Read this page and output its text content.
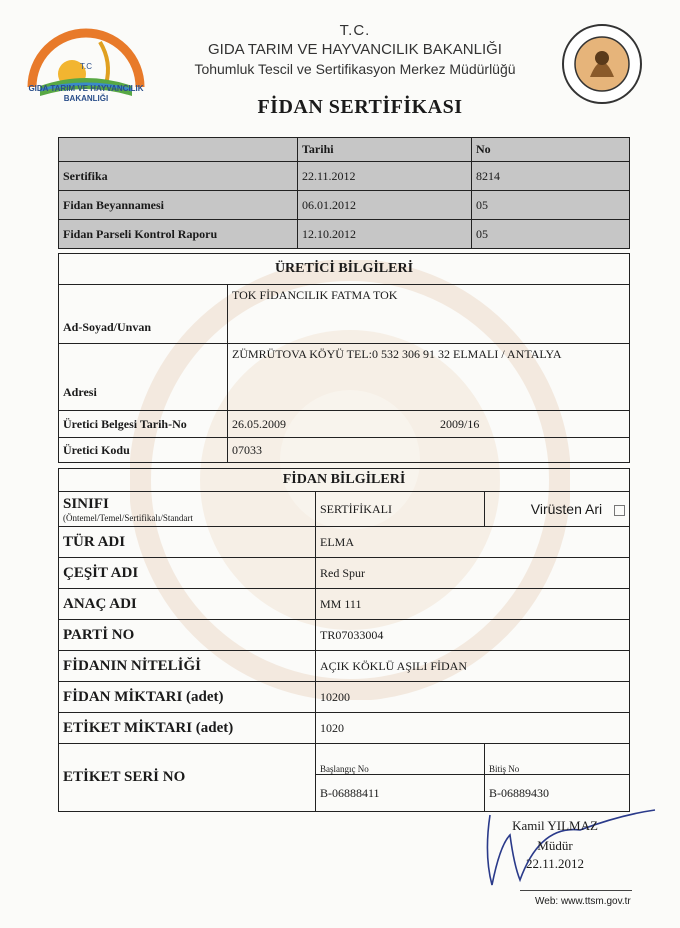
T.C
GIDA TARIM VE HAYVANCILIK
BAKANLIĞI
T.C.
GIDA TARIM VE HAYVANCILIK BAKANLIĞI
Tohumluk Tescil ve Sertifikasyon Merkez Müdürlüğü
FİDAN SERTİFİKASI
	Tarihi	No
Sertifika	22.11.2012	8214
Fidan Beyannamesi	06.01.2012	05
Fidan Parseli Kontrol Raporu	12.10.2012	05
ÜRETİCİ BİLGİLERİ		
Ad-Soyad/Unvan	TOK FİDANCILIK FATMA TOK	
Adresi	ZÜMRÜTOVA KÖYÜ TEL:0 532 306 91 32 ELMALI / ANTALYA	
Üretici Belgesi Tarih-No	26.05.2009	2009/16
Üretici Kodu	07033	
FİDAN BİLGİLERİ		

SINIFI
(Öntemel/Temel/Sertifikalı/Standart	SERTİFİKALI	Virüsten Ari
TÜR ADI	ELMA	
ÇEŞİT ADI	Red Spur	
ANAÇ ADI	MM 111	
PARTİ NO	TR07033004	
FİDANIN NİTELİĞİ	AÇIK KÖKLÜ AŞILI FİDAN	
FİDAN MİKTARI (adet)	10200	
ETİKET MİKTARI (adet)	1020	
ETİKET SERİ NO	Başlangıç No	Bitiş No
	B-06888411	B-06889430
Kamil YILMAZ
Müdür
22.11.2012
Web: www.ttsm.gov.tr
